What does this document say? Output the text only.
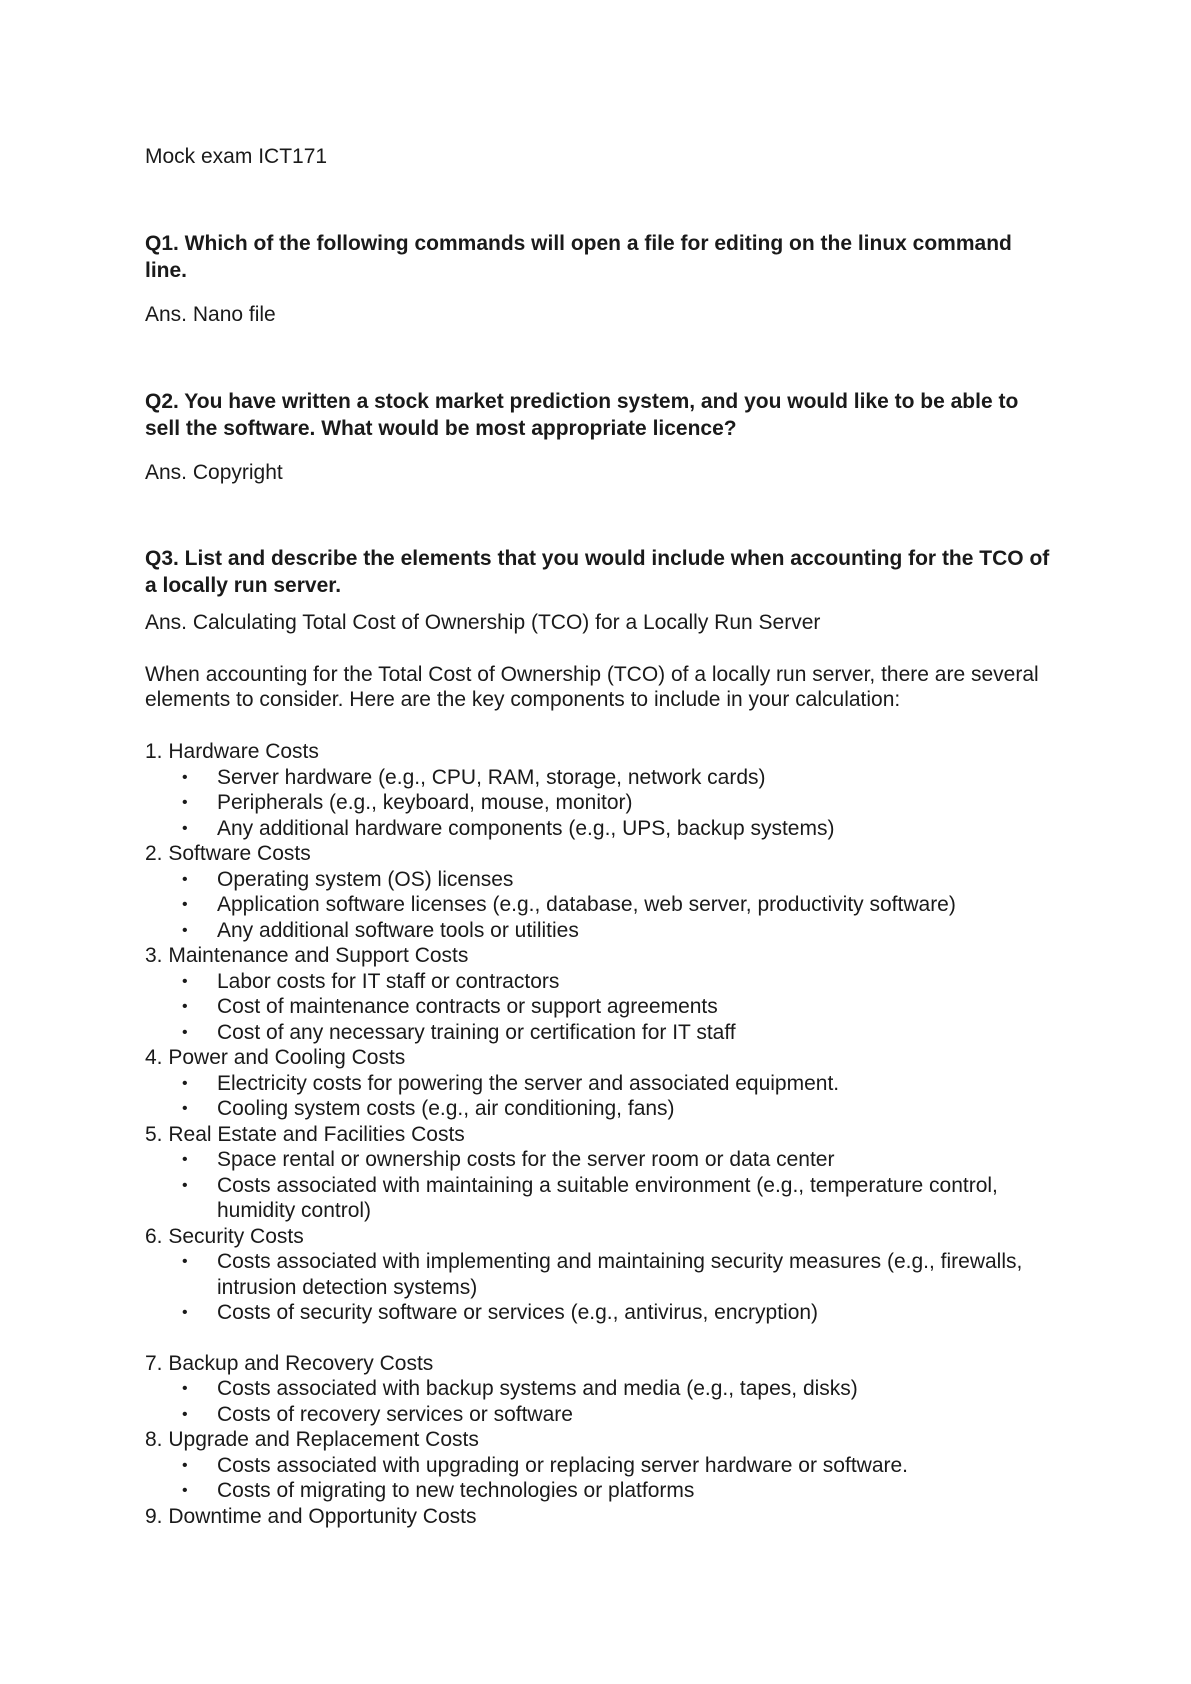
Mock exam ICT171
Q1. Which of the following commands will open a file for editing on the linux command line.
Ans. Nano file
Q2. You have written a stock market prediction system, and you would like to be able to sell the software. What would be most appropriate licence?
Ans. Copyright
Q3. List and describe the elements that you would include when accounting for the TCO of a locally run server.
Ans. Calculating Total Cost of Ownership (TCO) for a Locally Run Server
When accounting for the Total Cost of Ownership (TCO) of a locally run server, there are several elements to consider. Here are the key components to include in your calculation:
1. Hardware Costs
• Server hardware (e.g., CPU, RAM, storage, network cards)
• Peripherals (e.g., keyboard, mouse, monitor)
• Any additional hardware components (e.g., UPS, backup systems)
2. Software Costs
• Operating system (OS) licenses
• Application software licenses (e.g., database, web server, productivity software)
• Any additional software tools or utilities
3. Maintenance and Support Costs
• Labor costs for IT staff or contractors
• Cost of maintenance contracts or support agreements
• Cost of any necessary training or certification for IT staff
4. Power and Cooling Costs
• Electricity costs for powering the server and associated equipment.
• Cooling system costs (e.g., air conditioning, fans)
5. Real Estate and Facilities Costs
• Space rental or ownership costs for the server room or data center
• Costs associated with maintaining a suitable environment (e.g., temperature control, humidity control)
6. Security Costs
• Costs associated with implementing and maintaining security measures (e.g., firewalls, intrusion detection systems)
• Costs of security software or services (e.g., antivirus, encryption)
7. Backup and Recovery Costs
• Costs associated with backup systems and media (e.g., tapes, disks)
• Costs of recovery services or software
8. Upgrade and Replacement Costs
• Costs associated with upgrading or replacing server hardware or software.
• Costs of migrating to new technologies or platforms
9. Downtime and Opportunity Costs
